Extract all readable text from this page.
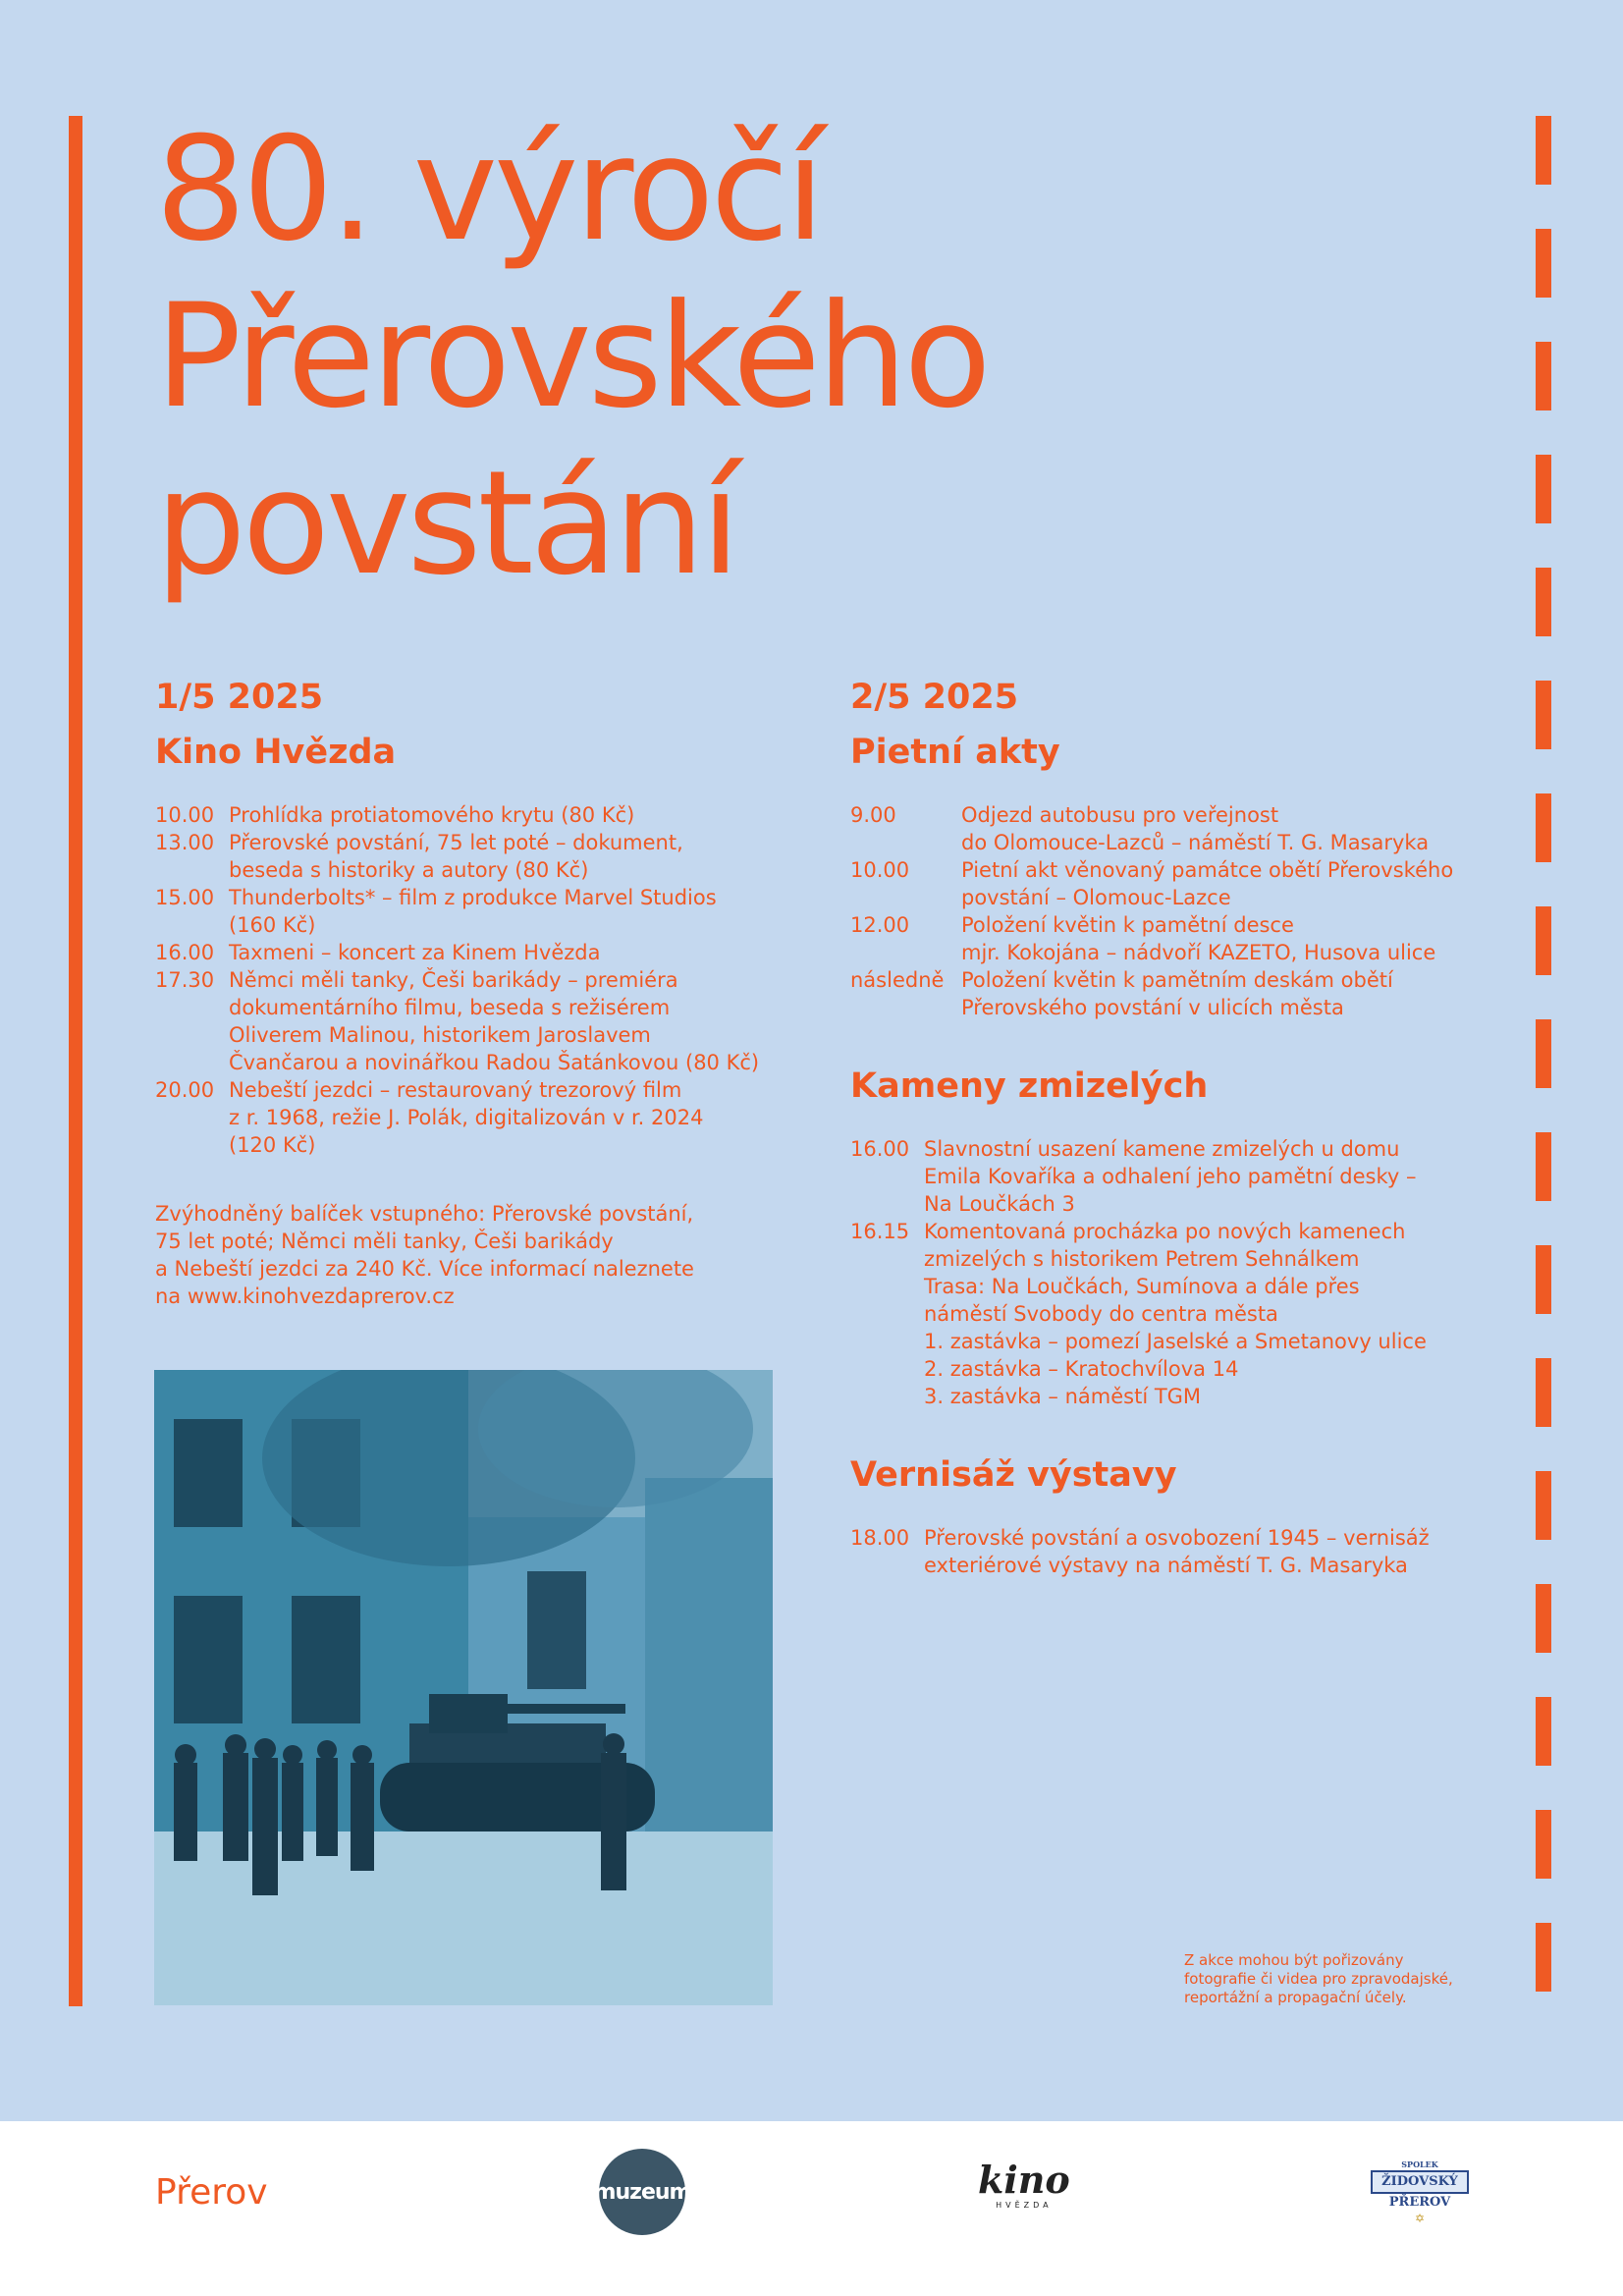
80. výročí
Přerovského
povstání

1/5 2025

Kino Hvězda

10.00 Prohlídka protiatomového krytu (80 Kč)
13.00 Přerovské povstání, 75 let poté – dokument,
beseda s historiky a autory (80 Kč)
15.00 Thunderbolts* – film z produkce Marvel Studios
(160 Kč)
16.00 Taxmeni – koncert za Kinem Hvězda
17.30 Němci měli tanky, Češi barikády – premiéra
dokumentárního filmu, beseda s režisérem
Oliverem Malinou, historikem Jaroslavem
Čvančarou a novinářkou Radou Šatánkovou (80 Kč)
20.00 Nebeští jezdci – restaurovaný trezorový film
z r. 1968, režie J. Polák, digitalizován v r. 2024
(120 Kč)
Zvýhodněný balíček vstupného: Přerovské povstání,
75 let poté; Němci měli tanky, Češi barikády
a Nebeští jezdci za 240 Kč. Více informací naleznete
na www.kinohvezdaprerov.cz

2/5 2025

Pietní akty

9.00	Odjezd autobusu pro veřejnost
do Olomouce-Lazců – náměstí T. G. Masaryka
10.00	Pietní akt věnovaný památce obětí Přerovského
povstání – Olomouc-Lazce
12.00	Položení květin k pamětní desce
mjr. Kokojána – nádvoří KAZETO, Husova ulice
následně Položení květin k pamětním deskám obětí
Přerovského povstání v ulicích města

Kameny zmizelých

16.00 Slavnostní usazení kamene zmizelých u domu
Emila Kovaříka a odhalení jeho pamětní desky –
Na Loučkách 3
16.15 Komentovaná procházka po nových kamenech
zmizelých s historikem Petrem Sehnálkem
Trasa: Na Loučkách, Sumínova a dále přes
náměstí Svobody do centra města
1. zastávka – pomezí Jaselské a Smetanovy ulice
2. zastávka – Kratochvílova 14
3. zastávka – náměstí TGM

Vernisáž výstavy

18.00 Přerovské povstání a osvobození 1945 – vernisáž
exteriérové výstavy na náměstí T. G. Masaryka
Z akce mohou být pořizovány
fotografie či videa pro zpravodajské,
reportážní a propagační účely.
Přerov	muzeum	kino
HVĚZDA
SPOLEK
ŽIDOVSKÝ
PŘEROV
✡
